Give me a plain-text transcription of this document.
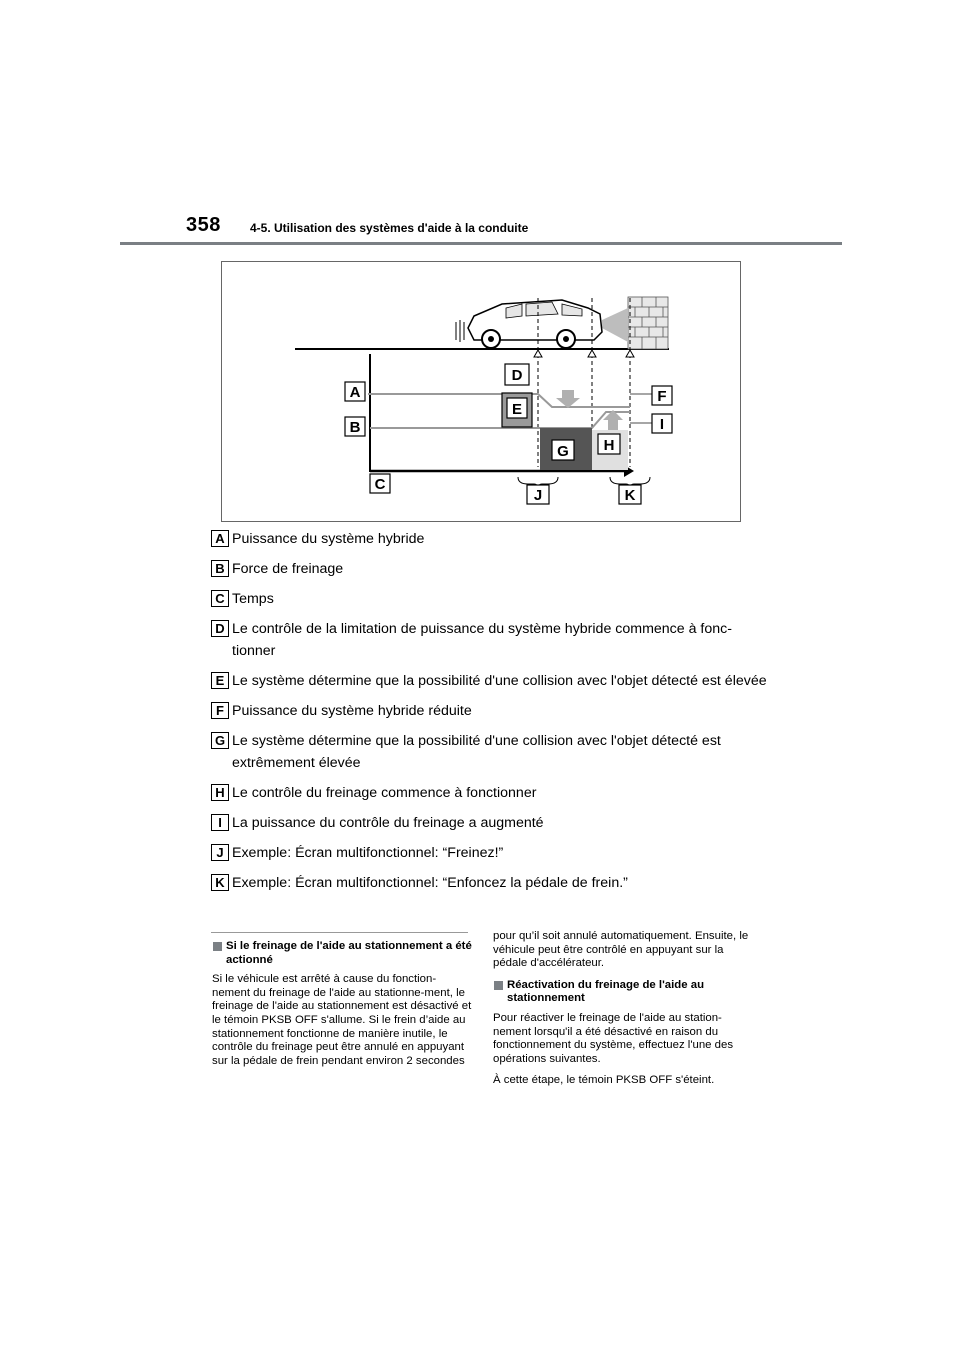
358 4-5. Utilisation des systèmes d'aide à la conduite
A
B
C
D
E
F
G H
I
J	K
A Puissance du système hybride
B Force de freinage
C Temps
D Le contrôle de la limitation de puissance du système hybride commence à fonc-tionner
E Le système détermine que la possibilité d'une collision avec l'objet détecté est élevée
F Puissance du système hybride réduite
G Le système détermine que la possibilité d'une collision avec l'objet détecté est extrêmement élevée
H Le contrôle du freinage commence à fonctionner
I La puissance du contrôle du freinage a augmenté
J Exemple: Écran multifonctionnel: “Freinez!”
K Exemple: Écran multifonctionnel: “Enfoncez la pédale de frein.”
Si le freinage de l'aide au stationnement a été actionné

Si le véhicule est arrêté à cause du fonction-nement du freinage de l'aide au stationne-ment, le freinage de l'aide au stationnement est désactivé et le témoin PKSB OFF s'allume. Si le frein d’aide au stationnement fonctionne de manière inutile, le contrôle du freinage peut être annulé en appuyant sur la pédale de frein pendant environ 2 secondes

pour qu’il soit annulé automatiquement. Ensuite, le véhicule peut être contrôlé en appuyant sur la pédale d'accélérateur.

Réactivation du freinage de l'aide au stationnement

Pour réactiver le freinage de l'aide au station-nement lorsqu'il a été désactivé en raison du fonctionnement du système, effectuez l'une des opérations suivantes.

À cette étape, le témoin PKSB OFF s'éteint.
